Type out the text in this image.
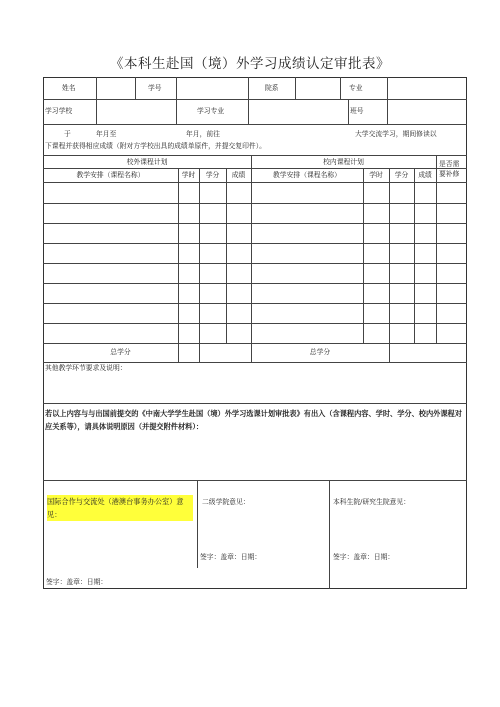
《本科生赴国（境）外学习成绩认定审批表》
姓名	学号	院系	专业
学习学校	学习专业	班号
于	年月至	年月，前往	大学交流学习，期间修读以
下课程并获得相应成绩（附对方学校出具的成绩单原件，并提交复印件）。
校外课程计划	校内课程计划	是否需
要补修
教学安排（课程名称）	学时	学分	成绩	教学安排（课程名称）	学时	学分	成绩
总学分	总学分
其他教学环节要求及说明：
若以上内容与与出国前提交的《中南大学学生赴国（境）外学习选课计划审批表》有出入（含课程内容、学时、学分、校内外课程对应关系等），请具体说明原因（并提交附件材料）：
国际合作与交流处（港澳台事务办公室）意见：
二级学院意见：	本科生院/研究生院意见：
签字：盖章：日期：	签字：盖章：日期：
签字：盖章：日期：
